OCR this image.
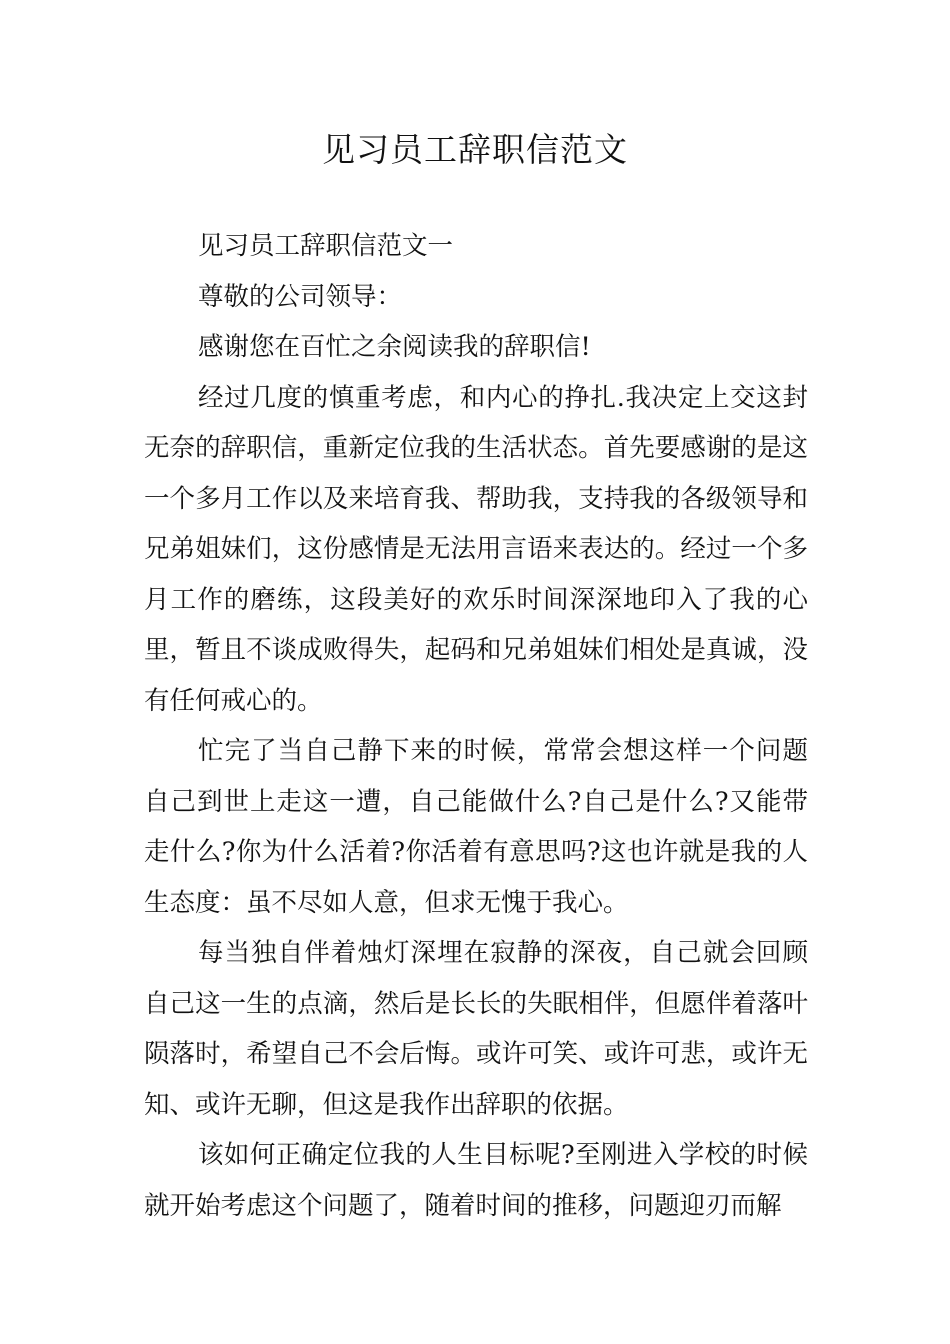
见习员工辞职信范文

见习员工辞职信范文一

尊敬的公司领导：

感谢您在百忙之余阅读我的辞职信!

经过几度的慎重考虑，和内心的挣扎.我决定上交这封无奈的辞职信，重新定位我的生活状态。首先要感谢的是这一个多月工作以及来培育我、帮助我，支持我的各级领导和兄弟姐妹们，这份感情是无法用言语来表达的。经过一个多月工作的磨练，这段美好的欢乐时间深深地印入了我的心里，暂且不谈成败得失，起码和兄弟姐妹们相处是真诚，没有任何戒心的。

忙完了当自己静下来的时候，常常会想这样一个问题自己到世上走这一遭，自己能做什么?自己是什么?又能带走什么?你为什么活着?你活着有意思吗?这也许就是我的人生态度：虽不尽如人意，但求无愧于我心。

每当独自伴着烛灯深埋在寂静的深夜，自己就会回顾自己这一生的点滴，然后是长长的失眠相伴，但愿伴着落叶陨落时，希望自己不会后悔。或许可笑、或许可悲，或许无知、或许无聊，但这是我作出辞职的依据。

该如何正确定位我的人生目标呢?至刚进入学校的时候就开始考虑这个问题了，随着时间的推移，问题迎刃而解
